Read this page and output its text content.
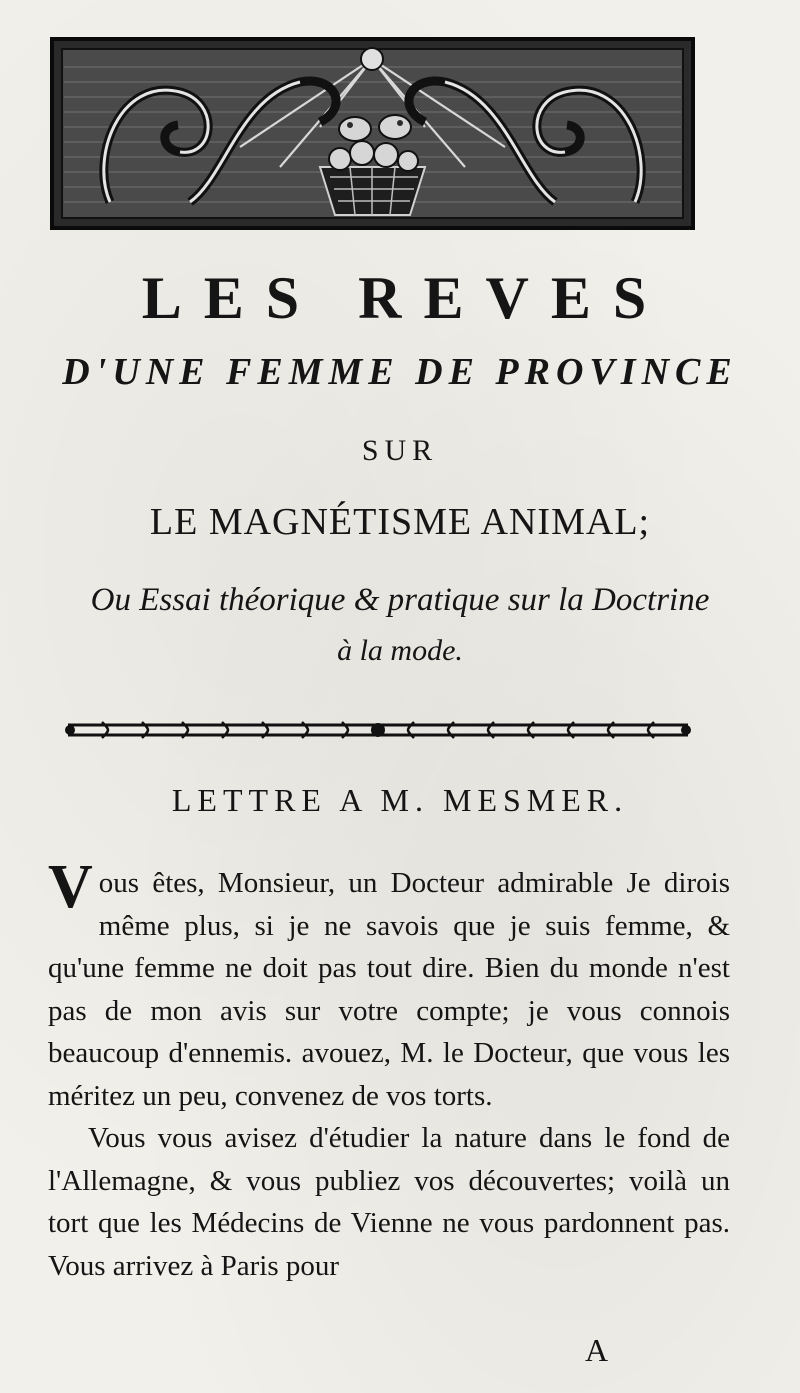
LES REVES
D'UNE FEMME DE PROVINCE
SUR
LE MAGNÉTISME ANIMAL;
Ou Essai théorique & pratique sur la Doctrine
à la mode.
LETTRE A M. MESMER.

Vous êtes, Monsieur, un Docteur admirable Je dirois même plus, si je ne savois que je suis femme, & qu'une femme ne doit pas tout dire. Bien du monde n'est pas de mon avis sur votre compte; je vous connois beaucoup d'ennemis. avouez, M. le Docteur, que vous les méritez un peu, convenez de vos torts.

Vous vous avisez d'étudier la nature dans le fond de l'Allemagne, & vous publiez vos découvertes; voilà un tort que les Médecins de Vienne ne vous pardonnent pas. Vous arrivez à Paris pour

A
